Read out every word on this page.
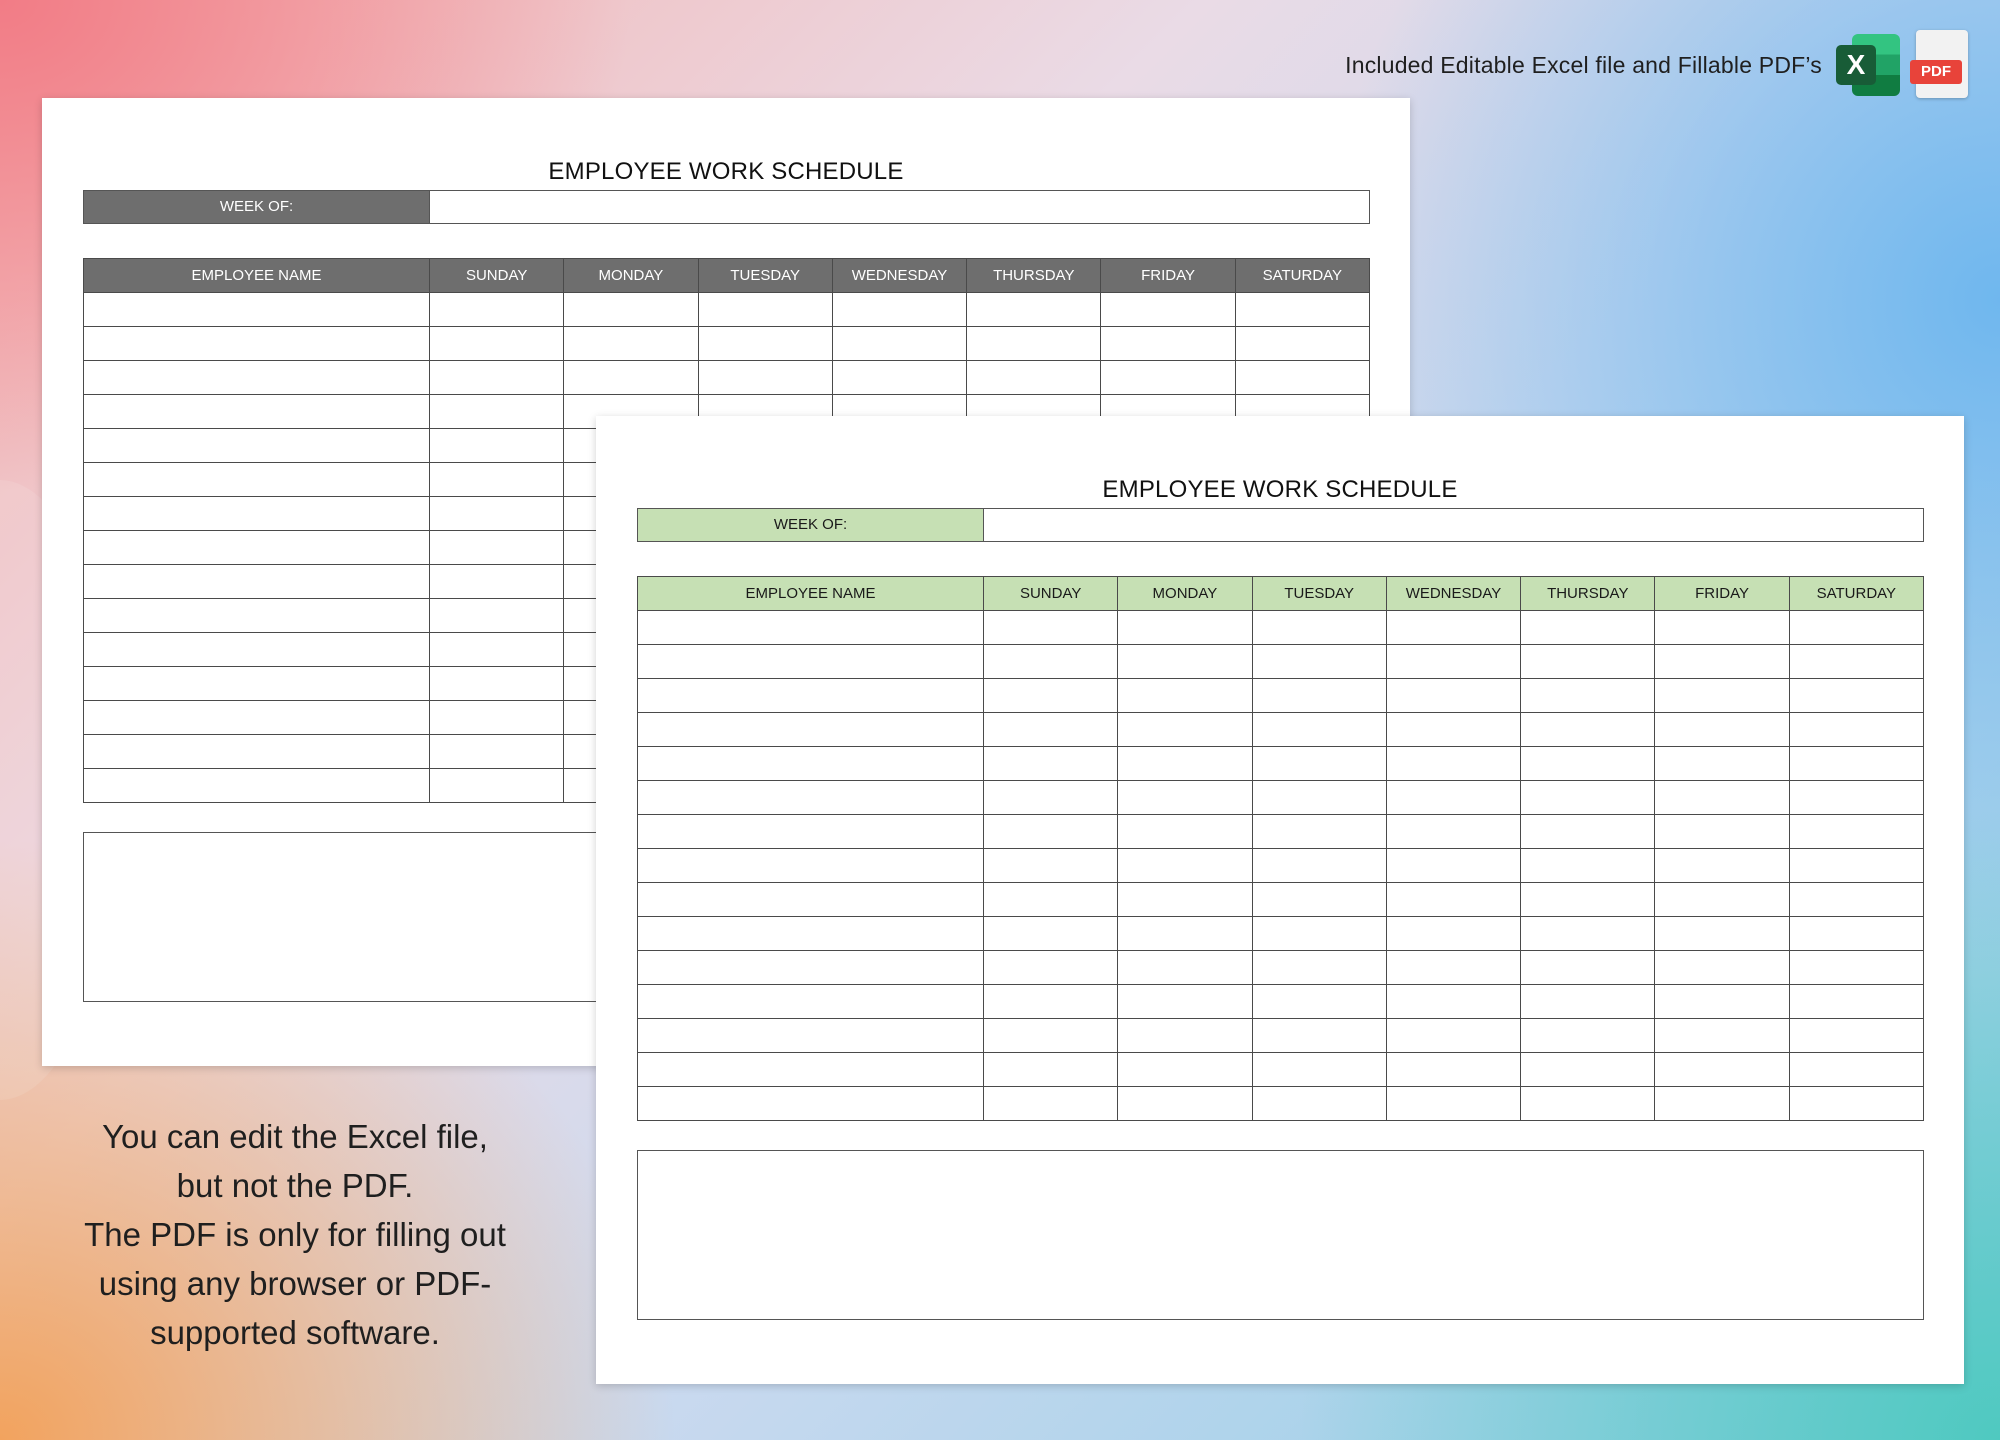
Included Editable Excel file and Fillable PDF’s X	PDF
EMPLOYEE WORK SCHEDULE
WEEK OF:
EMPLOYEE NAME	SUNDAY	MONDAY	TUESDAY	WEDNESDAY	THURSDAY	FRIDAY	SATURDAY

EMPLOYEE WORK SCHEDULE
WEEK OF:
EMPLOYEE NAME	SUNDAY	MONDAY	TUESDAY	WEDNESDAY	THURSDAY	FRIDAY	SATURDAY

You can edit the Excel file,
but not the PDF.
The PDF is only for filling out
using any browser or PDF-
supported software.
